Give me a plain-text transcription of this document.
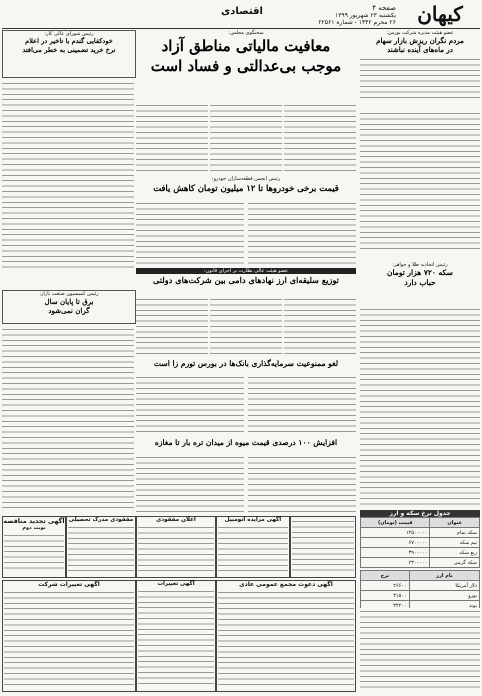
کیهان
صفحه ۴
یکشنبه ۲۳ شهریور ۱۳۹۹
۲۶ محرم ۱۴۴۲ - شماره ۲۲۵۶۱
اقتصادی
عضو هیئت مدیره شرکت بورس:
مردم نگران ریزش بازار سهام
در ماه‌های آینده نباشند
رئیس اتحادیه طلا و جواهر:
سکه ۷۲۰ هزار تومان
حباب دارد
سخنگوی مجلس:
معافیت مالیاتی مناطق آزاد
موجب بی‌عدالتی و فساد است
رئیس شورای عالی کار:
خودکفایی گندم با تاخیر در اعلام
نرخ خرید تضمینی به خطر می‌افتد
رئیس انجمن قطعه‌سازان خودرو:
قیمت برخی خودروها تا ۱۲ میلیون تومان کاهش یافت
عضو هیئت عالی نظارت بر اجرای قانون:
توزیع سلیقه‌ای ارز نهادهای دامی بین شرکت‌های دولتی
رئیس کمیسیون صنعت بازار:
برق تا پایان سال
گران نمی‌شود
لغو ممنوعیت سرمایه‌گذاری بانک‌ها در بورس تورم زا است
افزایش ۱۰۰ درصدی قیمت میوه از میدان تره بار تا مغازه
جدول نرخ سکه و ارز
عنوان	قیمت (تومان)
سکه تمام	۱۲۵۰۰۰۰۰
نیم سکه	۶۷۰۰۰۰۰
ربع سکه	۳۹۰۰۰۰۰
سکه گرمی	۲۳۰۰۰۰۰
نام ارز	نرخ
دلار آمریکا	۲۶۶۰۰
یورو	۳۱۵۰۰
پوند	۳۴۲۰۰

آگهی تجدید مناقصه
نوبت دوم
مفقودی مدرک تحصیلی	اعلان مفقودی	آگهی مزایده اتومبیل
آگهی تغییرات شرکت	آگهی تغییرات	آگهی دعوت مجمع عمومی عادی
